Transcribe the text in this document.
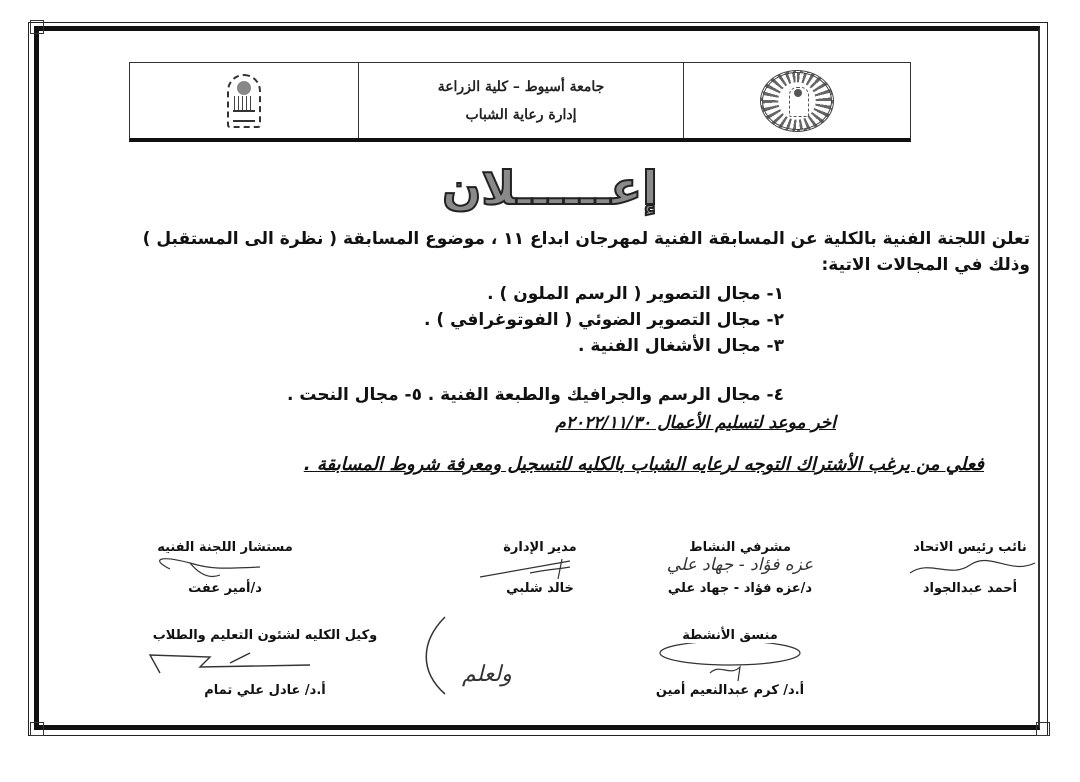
جامعة أسيوط – كلية الزراعة
إدارة رعاية الشباب
إعــــــلان
تعلن اللجنة الفنية بالكلية عن المسابقة الفنية لمهرجان ابداع ١١ ، موضوع المسابقة ( نظرة الى المستقبل )
وذلك في المجالات الاتية:
١- مجال التصوير ( الرسم الملون ) .
٢- مجال التصوير الضوئي ( الفوتوغرافي ) .
٣- مجال الأشغال الفنية .
٤- مجال الرسم والجرافيك والطبعة الفنية .
٥- مجال النحت .
اخر موعد لتسليم الأعمال ٢٠٢٢/١١/٣٠م
فعلي من يرغب الأشتراك التوجه لرعايه الشباب بالكليه للتسجيل ومعرفة شروط المسابقة .
نائب رئيس الاتحاد
أحمد عبدالجواد
مشرفي النشاط
عزه فؤاد - جهاد علي
د/عزه فؤاد - جهاد علي
مدير الإدارة
خالد شلبي
مستشار اللجنة الفنيه
د/أمير عفت
منسق الأنشطة
أ.د/ كرم عبدالنعيم أمين
وكيل الكليه لشئون التعليم والطلاب
أ.د/ عادل علي تمام
ولعلم
